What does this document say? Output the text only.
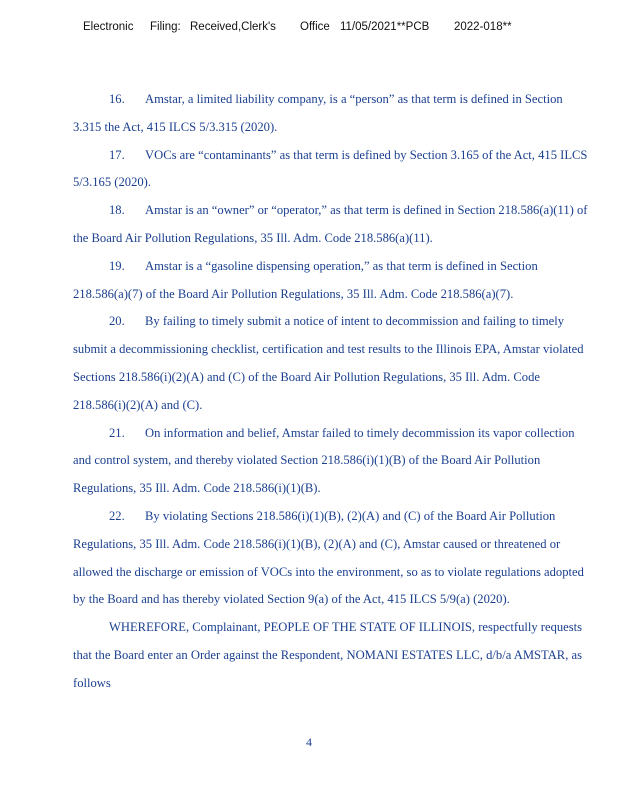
Electronic Filing: Received,Clerk's Office 11/05/2021**PCB 2022-018**

16. Amstar, a limited liability company, is a “person” as that term is defined in Section 3.315 the Act, 415 ILCS 5/3.315 (2020).

17. VOCs are “contaminants” as that term is defined by Section 3.165 of the Act, 415 ILCS 5/3.165 (2020).

18. Amstar is an “owner” or “operator,” as that term is defined in Section 218.586(a)(11) of the Board Air Pollution Regulations, 35 Ill. Adm. Code 218.586(a)(11).

19. Amstar is a “gasoline dispensing operation,” as that term is defined in Section 218.586(a)(7) of the Board Air Pollution Regulations, 35 Ill. Adm. Code 218.586(a)(7).

20. By failing to timely submit a notice of intent to decommission and failing to timely submit a decommissioning checklist, certification and test results to the Illinois EPA, Amstar violated Sections 218.586(i)(2)(A) and (C) of the Board Air Pollution Regulations, 35 Ill. Adm. Code 218.586(i)(2)(A) and (C).

21. On information and belief, Amstar failed to timely decommission its vapor collection and control system, and thereby violated Section 218.586(i)(1)(B) of the Board Air Pollution Regulations, 35 Ill. Adm. Code 218.586(i)(1)(B).

22. By violating Sections 218.586(i)(1)(B), (2)(A) and (C) of the Board Air Pollution Regulations, 35 Ill. Adm. Code 218.586(i)(1)(B), (2)(A) and (C), Amstar caused or threatened or allowed the discharge or emission of VOCs into the environment, so as to violate regulations adopted by the Board and has thereby violated Section 9(a) of the Act, 415 ILCS 5/9(a) (2020).

WHEREFORE, Complainant, PEOPLE OF THE STATE OF ILLINOIS, respectfully requests that the Board enter an Order against the Respondent, NOMANI ESTATES LLC, d/b/a AMSTAR, as follows

4
